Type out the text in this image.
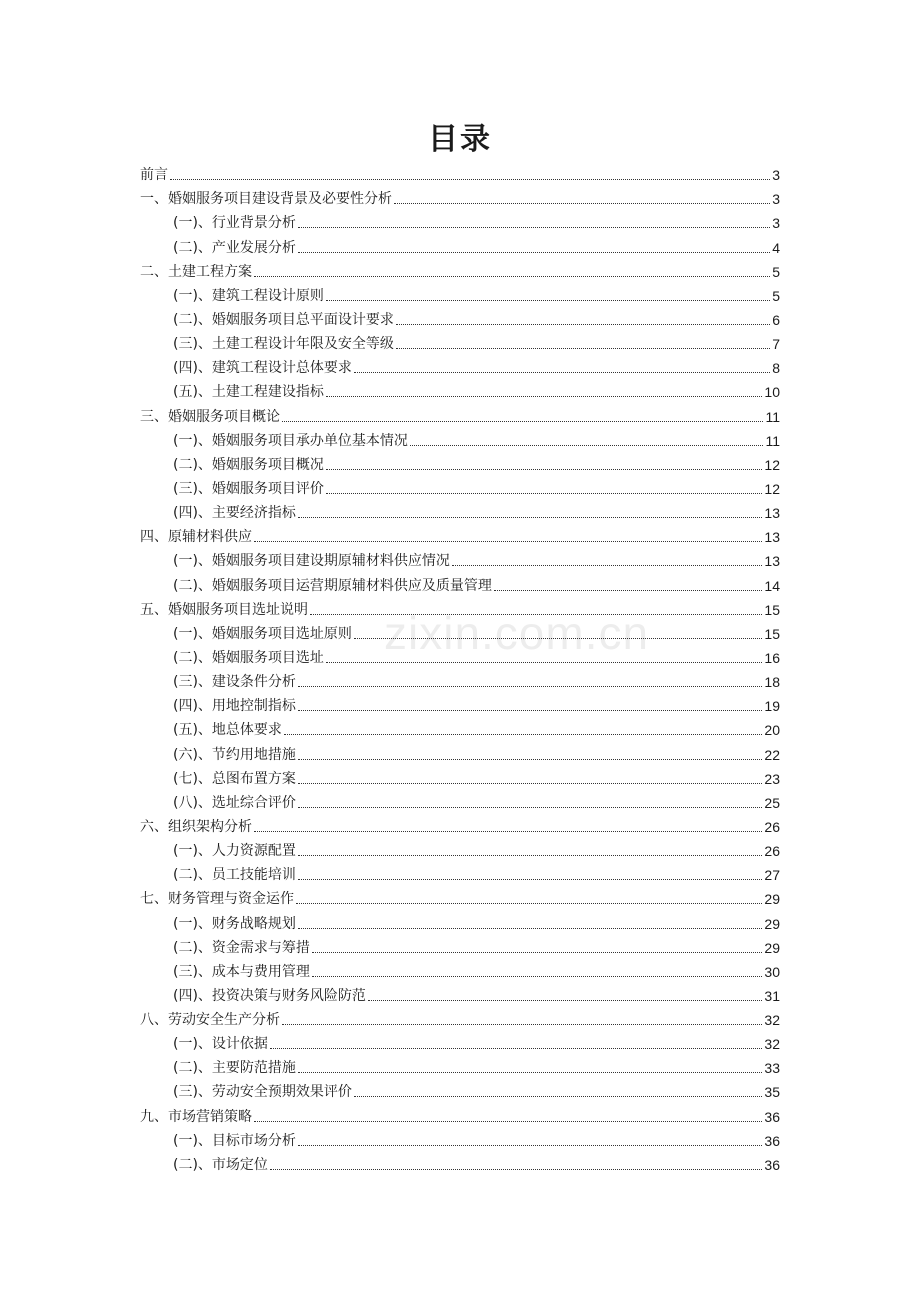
目录
zixin.com.cn
前言	3
一、婚姻服务项目建设背景及必要性分析	3
(一)、行业背景分析	3
(二)、产业发展分析	4
二、土建工程方案	5
(一)、建筑工程设计原则	5
(二)、婚姻服务项目总平面设计要求	6
(三)、土建工程设计年限及安全等级	7
(四)、建筑工程设计总体要求	8
(五)、土建工程建设指标	10
三、婚姻服务项目概论	11
(一)、婚姻服务项目承办单位基本情况	11
(二)、婚姻服务项目概况	12
(三)、婚姻服务项目评价	12
(四)、主要经济指标	13
四、原辅材料供应	13
(一)、婚姻服务项目建设期原辅材料供应情况	13
(二)、婚姻服务项目运营期原辅材料供应及质量管理	14
五、婚姻服务项目选址说明	15
(一)、婚姻服务项目选址原则	15
(二)、婚姻服务项目选址	16
(三)、建设条件分析	18
(四)、用地控制指标	19
(五)、地总体要求	20
(六)、节约用地措施	22
(七)、总图布置方案	23
(八)、选址综合评价	25
六、组织架构分析	26
(一)、人力资源配置	26
(二)、员工技能培训	27
七、财务管理与资金运作	29
(一)、财务战略规划	29
(二)、资金需求与筹措	29
(三)、成本与费用管理	30
(四)、投资决策与财务风险防范	31
八、劳动安全生产分析	32
(一)、设计依据	32
(二)、主要防范措施	33
(三)、劳动安全预期效果评价	35
九、市场营销策略	36
(一)、目标市场分析	36
(二)、市场定位	36
